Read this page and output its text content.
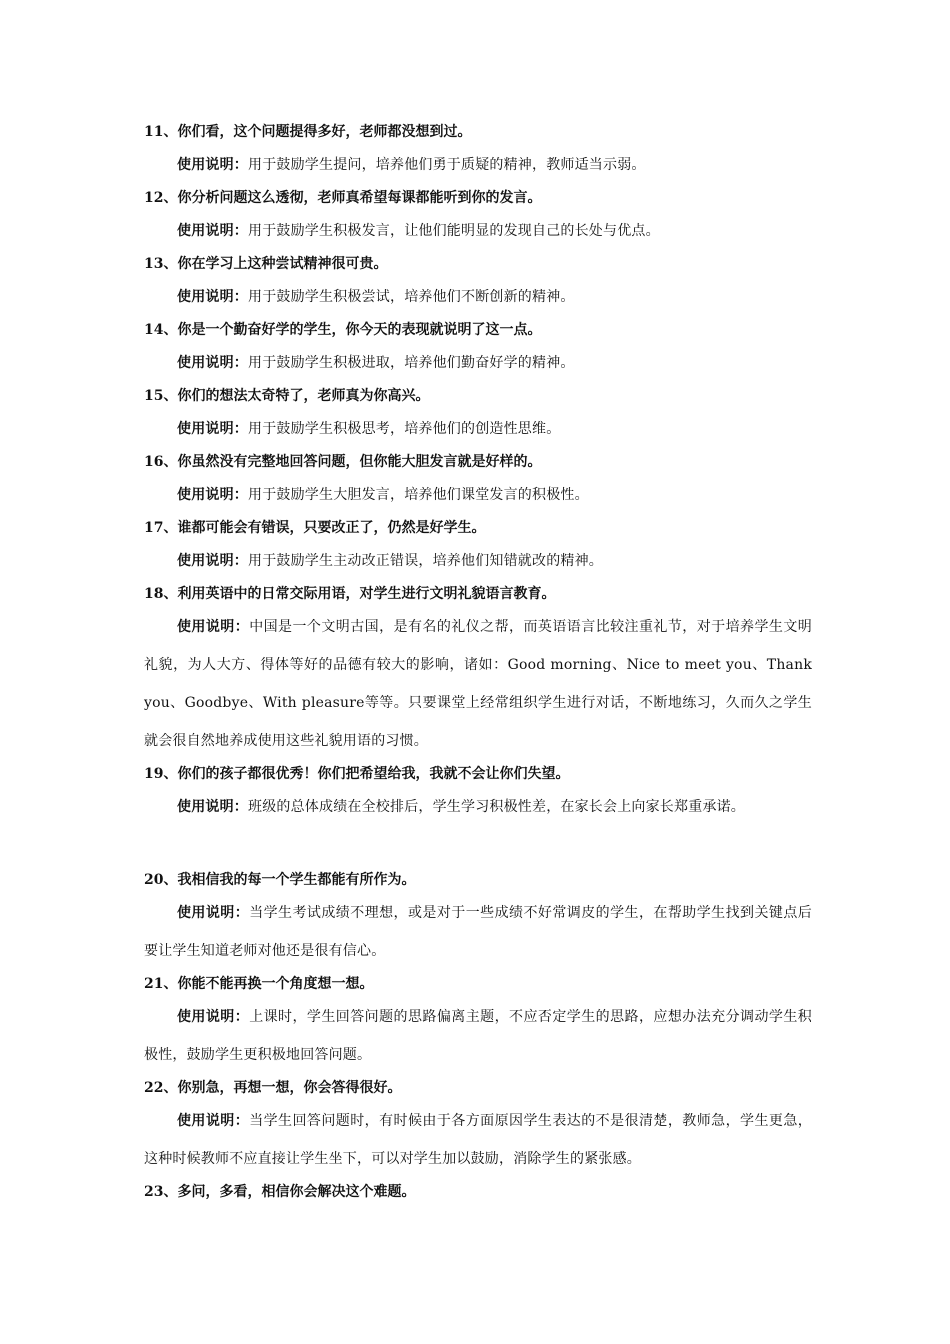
11、你们看，这个问题提得多好，老师都没想到过。

使用说明：用于鼓励学生提问，培养他们勇于质疑的精神，教师适当示弱。

12、你分析问题这么透彻，老师真希望每课都能听到你的发言。

使用说明：用于鼓励学生积极发言，让他们能明显的发现自己的长处与优点。

13、你在学习上这种尝试精神很可贵。

使用说明：用于鼓励学生积极尝试，培养他们不断创新的精神。

14、你是一个勤奋好学的学生，你今天的表现就说明了这一点。

使用说明：用于鼓励学生积极进取，培养他们勤奋好学的精神。

15、你们的想法太奇特了，老师真为你高兴。

使用说明：用于鼓励学生积极思考，培养他们的创造性思维。

16、你虽然没有完整地回答问题，但你能大胆发言就是好样的。

使用说明：用于鼓励学生大胆发言，培养他们课堂发言的积极性。

17、谁都可能会有错误，只要改正了，仍然是好学生。

使用说明：用于鼓励学生主动改正错误，培养他们知错就改的精神。

18、利用英语中的日常交际用语，对学生进行文明礼貌语言教育。

使用说明：中国是一个文明古国，是有名的礼仪之帮，而英语语言比较注重礼节，对于培养学生文明礼貌，为人大方、得体等好的品德有较大的影响，诸如：Good morning、Nice to meet you、Thank you、Goodbye、With pleasure等等。只要课堂上经常组织学生进行对话，不断地练习，久而久之学生就会很自然地养成使用这些礼貌用语的习惯。

19、你们的孩子都很优秀！你们把希望给我，我就不会让你们失望。

使用说明：班级的总体成绩在全校排后，学生学习积极性差，在家长会上向家长郑重承诺。

20、我相信我的每一个学生都能有所作为。

使用说明：当学生考试成绩不理想，或是对于一些成绩不好常调皮的学生，在帮助学生找到关键点后要让学生知道老师对他还是很有信心。

21、你能不能再换一个角度想一想。

使用说明：上课时，学生回答问题的思路偏离主题，不应否定学生的思路，应想办法充分调动学生积极性，鼓励学生更积极地回答问题。

22、你别急，再想一想，你会答得很好。

使用说明：当学生回答问题时，有时候由于各方面原因学生表达的不是很清楚，教师急，学生更急，这种时候教师不应直接让学生坐下，可以对学生加以鼓励，消除学生的紧张感。

23、多问，多看，相信你会解决这个难题。
